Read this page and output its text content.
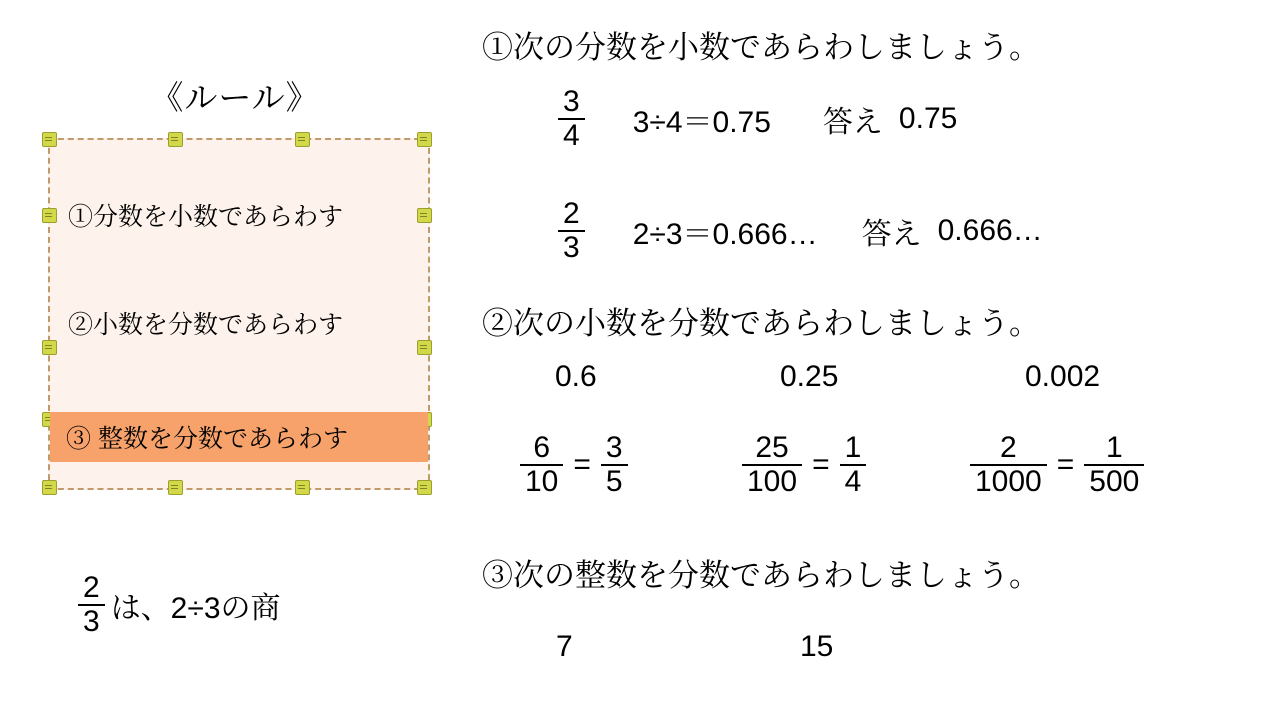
《ルール》
①分数を小数であらわす
②小数を分数であらわす
③ 整数を分数であらわす
$\frac{2}{3}$ は、2÷3の商
①次の分数を小数であらわしましょう。
$\frac{3}{4} 3\div 4=0.75$ 答え 0.75
$\frac{2}{3}$ 2÷3＝0.666… 答え 0.666…
②次の小数を分数であらわしましょう。
0.6	0.25	0.002
$\frac{6}{10} = \frac{3}{5}$	$\frac{25}{100} = \frac{1}{4}$	$\frac{2}{1000} = \frac{1}{500}$
③次の整数を分数であらわしましょう。
7	15
